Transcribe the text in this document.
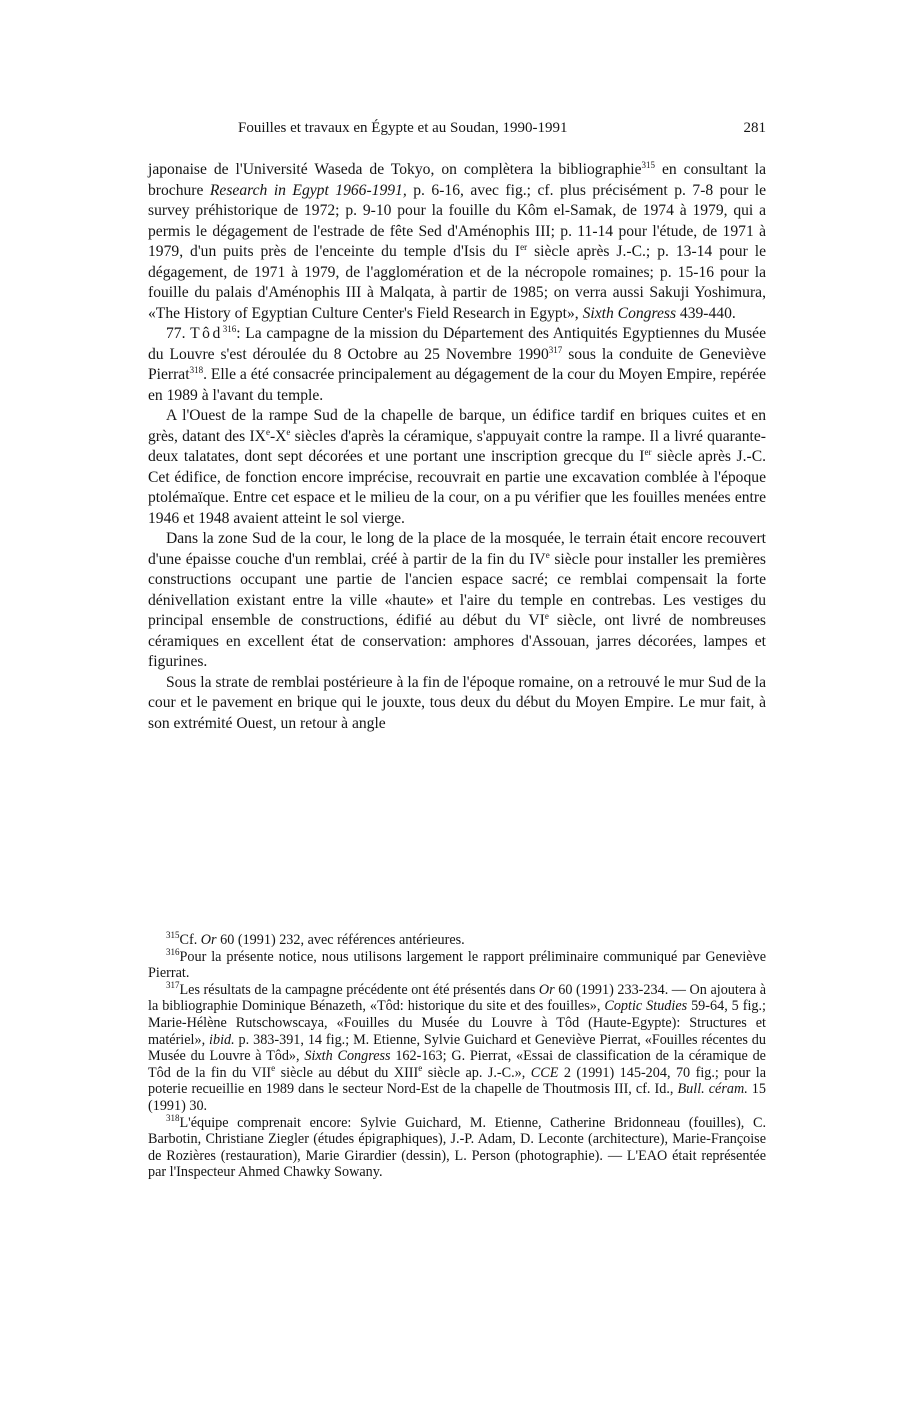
Fouilles et travaux en Égypte et au Soudan, 1990-1991	281

japonaise de l'Université Waseda de Tokyo, on complètera la bibliographie$^{315}$ en consultant la brochure Research in Egypt 1966-1991, p. 6-16, avec fig.; cf. plus précisément p. 7-8 pour le survey préhistorique de 1972; p. 9-10 pour la fouille du Kôm el-Samak, de 1974 à 1979, qui a permis le dégagement de l'estrade de fête Sed d'Aménophis III; p. 11-14 pour l'étude, de 1971 à 1979, d'un puits près de l'enceinte du temple d'Isis du Ier siècle après J.-C.; p. 13-14 pour le dégagement, de 1971 à 1979, de l'agglomération et de la nécropole romaines; p. 15-16 pour la fouille du palais d'Aménophis III à Malqata, à partir de 1985; on verra aussi Sakuji Yoshimura, «The History of Egyptian Culture Center's Field Research in Egypt», Sixth Congress 439-440.

77. Tôd$^{316}$: La campagne de la mission du Département des Antiquités Egyptiennes du Musée du Louvre s'est déroulée du 8 Octobre au 25 Novembre 1990$^{317}$ sous la conduite de Geneviève Pierrat$^{318}$. Elle a été consacrée principalement au dégagement de la cour du Moyen Empire, repérée en 1989 à l'avant du temple.

A l'Ouest de la rampe Sud de la chapelle de barque, un édifice tardif en briques cuites et en grès, datant des IXe-Xe siècles d'après la céramique, s'appuyait contre la rampe. Il a livré quarante-deux talatates, dont sept décorées et une portant une inscription grecque du Ier siècle après J.-C. Cet édifice, de fonction encore imprécise, recouvrait en partie une excavation comblée à l'époque ptolémaïque. Entre cet espace et le milieu de la cour, on a pu vérifier que les fouilles menées entre 1946 et 1948 avaient atteint le sol vierge.

Dans la zone Sud de la cour, le long de la place de la mosquée, le terrain était encore recouvert d'une épaisse couche d'un remblai, créé à partir de la fin du IVe siècle pour installer les premières constructions occupant une partie de l'ancien espace sacré; ce remblai compensait la forte dénivellation existant entre la ville «haute» et l'aire du temple en contrebas. Les vestiges du principal ensemble de constructions, édifié au début du VIe siècle, ont livré de nombreuses céramiques en excellent état de conservation: amphores d'Assouan, jarres décorées, lampes et figurines.

Sous la strate de remblai postérieure à la fin de l'époque romaine, on a retrouvé le mur Sud de la cour et le pavement en brique qui le jouxte, tous deux du début du Moyen Empire. Le mur fait, à son extrémité Ouest, un retour à angle

$^{315}$Cf. Or 60 (1991) 232, avec références antérieures.

$^{316}$Pour la présente notice, nous utilisons largement le rapport préliminaire communiqué par Geneviève Pierrat.

$^{317}$Les résultats de la campagne précédente ont été présentés dans Or 60 (1991) 233-234. — On ajoutera à la bibliographie Dominique Bénazeth, «Tôd: historique du site et des fouilles», Coptic Studies 59-64, 5 fig.; Marie-Hélène Rutschowscaya, «Fouilles du Musée du Louvre à Tôd (Haute-Egypte): Structures et matériel», ibid. p. 383-391, 14 fig.; M. Etienne, Sylvie Guichard et Geneviève Pierrat, «Fouilles récentes du Musée du Louvre à Tôd», Sixth Congress 162-163; G. Pierrat, «Essai de classification de la céramique de Tôd de la fin du VIIe siècle au début du XIIIe siècle ap. J.-C.», CCE 2 (1991) 145-204, 70 fig.; pour la poterie recueillie en 1989 dans le secteur Nord-Est de la chapelle de Thoutmosis III, cf. Id., Bull. céram. 15 (1991) 30.

$^{318}$L'équipe comprenait encore: Sylvie Guichard, M. Etienne, Catherine Bridonneau (fouilles), C. Barbotin, Christiane Ziegler (études épigraphiques), J.-P. Adam, D. Leconte (architecture), Marie-Françoise de Rozières (restauration), Marie Girardier (dessin), L. Person (photographie). — L'EAO était représentée par l'Inspecteur Ahmed Chawky Sowany.
